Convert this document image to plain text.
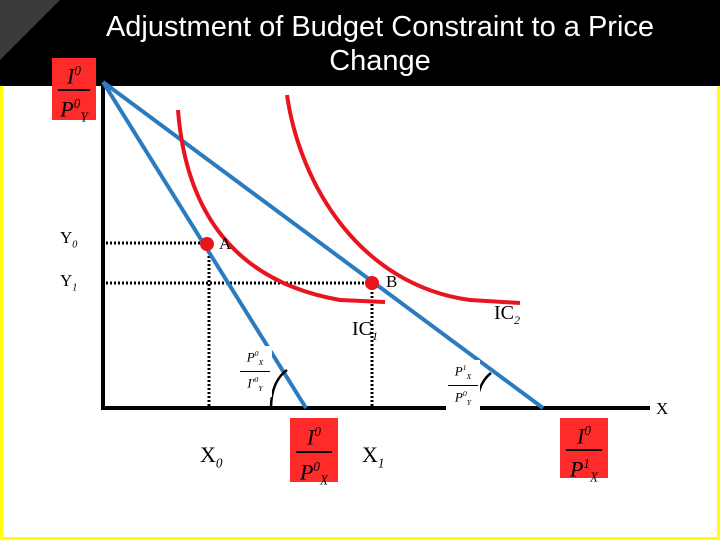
Adjustment of Budget Constraint to a Price
Change
$I^0$
$P^0_Y$
$I^0$
$P^0_X$
$I^0$
$P^1_X$
$P^0_X$
$I'^0_Y$
$P^1_X$
$P^0_Y$
$Y_0$
$Y_1$
$X_0$	$X_1$
A
B
$IC_1$
$IC_2$
X
